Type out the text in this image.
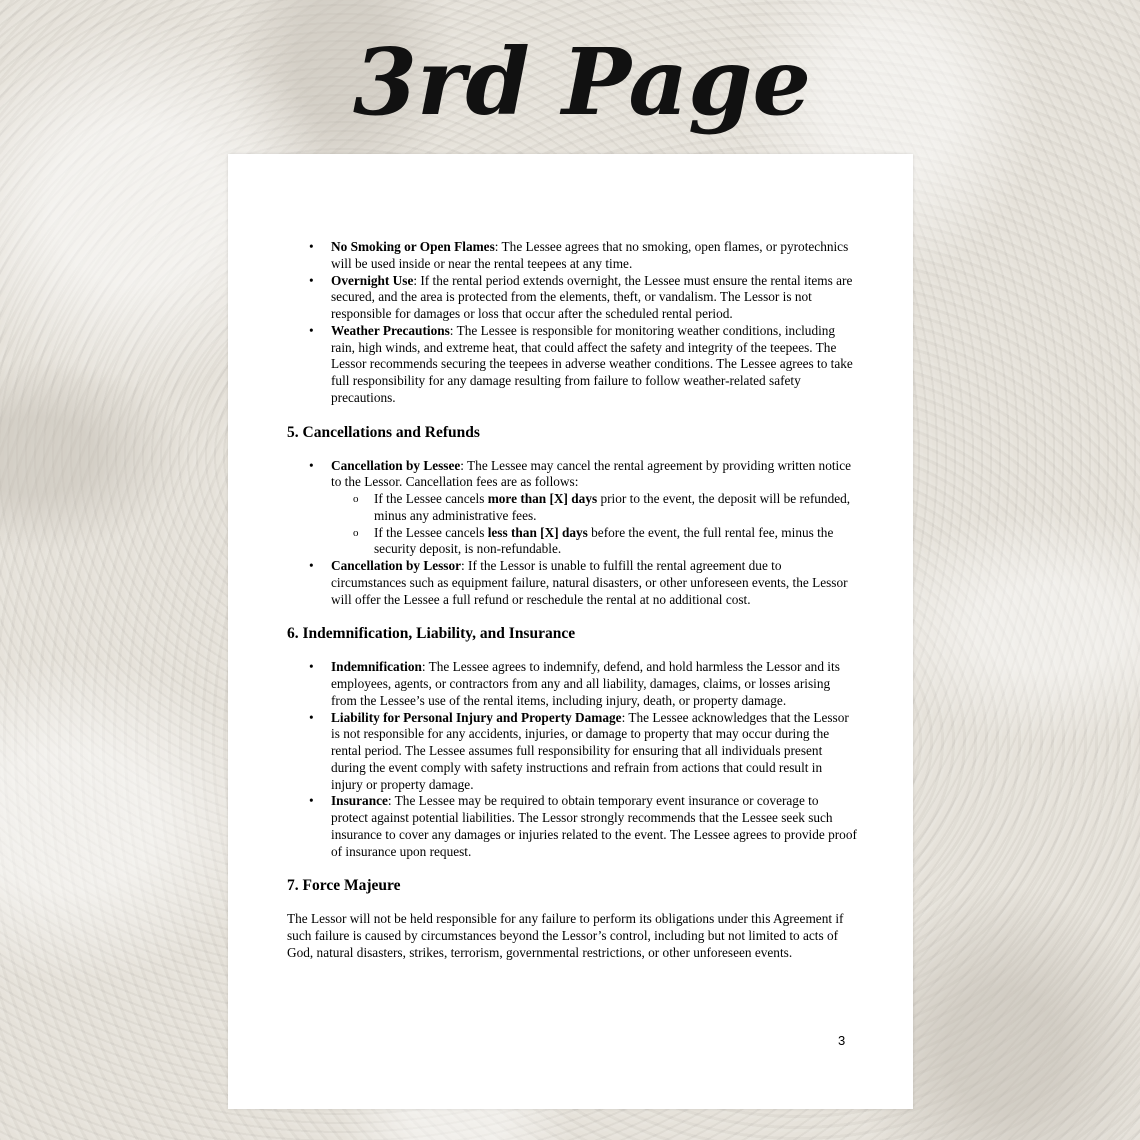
3rd Page
• No Smoking or Open Flames: The Lessee agrees that no smoking, open flames, or pyrotechnics will be used inside or near the rental teepees at any time.
• Overnight Use: If the rental period extends overnight, the Lessee must ensure the rental items are secured, and the area is protected from the elements, theft, or vandalism. The Lessor is not responsible for damages or loss that occur after the scheduled rental period.
• Weather Precautions: The Lessee is responsible for monitoring weather conditions, including rain, high winds, and extreme heat, that could affect the safety and integrity of the teepees. The Lessor recommends securing the teepees in adverse weather conditions. The Lessee agrees to take full responsibility for any damage resulting from failure to follow weather-related safety precautions.
5. Cancellations and Refunds
• Cancellation by Lessee: The Lessee may cancel the rental agreement by providing written notice to the Lessor. Cancellation fees are as follows:
o If the Lessee cancels more than [X] days prior to the event, the deposit will be refunded, minus any administrative fees.
o If the Lessee cancels less than [X] days before the event, the full rental fee, minus the security deposit, is non-refundable.
• Cancellation by Lessor: If the Lessor is unable to fulfill the rental agreement due to circumstances such as equipment failure, natural disasters, or other unforeseen events, the Lessor will offer the Lessee a full refund or reschedule the rental at no additional cost.
6. Indemnification, Liability, and Insurance
• Indemnification: The Lessee agrees to indemnify, defend, and hold harmless the Lessor and its employees, agents, or contractors from any and all liability, damages, claims, or losses arising from the Lessee’s use of the rental items, including injury, death, or property damage.
• Liability for Personal Injury and Property Damage: The Lessee acknowledges that the Lessor is not responsible for any accidents, injuries, or damage to property that may occur during the rental period. The Lessee assumes full responsibility for ensuring that all individuals present during the event comply with safety instructions and refrain from actions that could result in injury or property damage.
• Insurance: The Lessee may be required to obtain temporary event insurance or coverage to protect against potential liabilities. The Lessor strongly recommends that the Lessee seek such insurance to cover any damages or injuries related to the event. The Lessee agrees to provide proof of insurance upon request.
7. Force Majeure

The Lessor will not be held responsible for any failure to perform its obligations under this Agreement if such failure is caused by circumstances beyond the Lessor’s control, including but not limited to acts of God, natural disasters, strikes, terrorism, governmental restrictions, or other unforeseen events.

3
